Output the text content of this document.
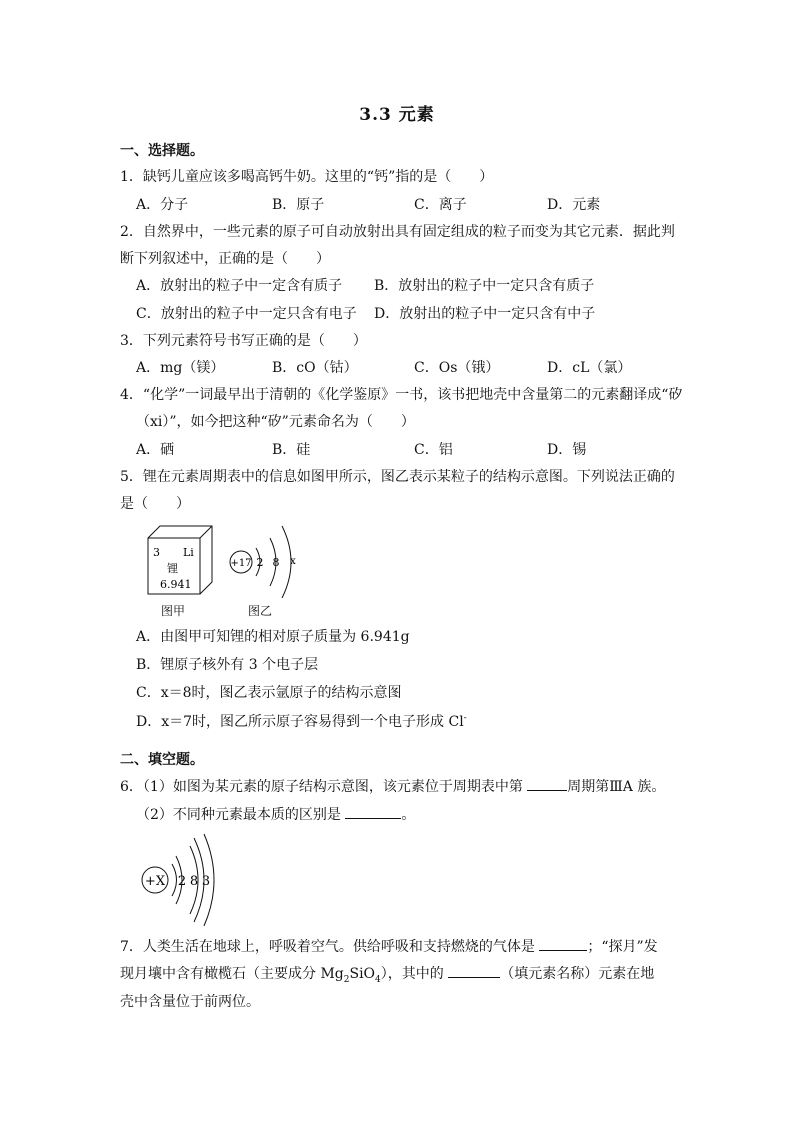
3.3 元素
一、选择题。
1．缺钙儿童应该多喝高钙牛奶。这里的“钙”指的是（　　）
A．分子	B．原子	C．离子	D．元素
2．自然界中，一些元素的原子可自动放射出具有固定组成的粒子而变为其它元素．据此判
断下列叙述中，正确的是（　　）
A．放射出的粒子中一定含有质子 B．放射出的粒子中一定只含有质子
C．放射出的粒子中一定只含有电子 D．放射出的粒子中一定只含有中子
3．下列元素符号书写正确的是（　　）
A．mg（镁）	B．cO（钴）	C．Os（锇）	D．cL（氯）
4．“化学”一词最早出于清朝的《化学鉴原》一书，该书把地壳中含量第二的元素翻译成“矽
（xi）”，如今把这种“矽”元素命名为（　　）
A．硒	B．硅	C．铝	D．锡
5．锂在元素周期表中的信息如图甲所示，图乙表示某粒子的结构示意图。下列说法正确的
是（　　）
3 Li
锂
6.941
图甲
+17 2 8 x
图乙
A．由图甲可知锂的相对原子质量为 6.941g
B．锂原子核外有 3 个电子层
C．x＝8时，图乙表示氩原子的结构示意图
D．x＝7时，图乙所示原子容易得到一个电子形成 Cl-
二、填空题。
6．（1）如图为某元素的原子结构示意图，该元素位于周期表中第	周期第ⅢA 族。
（2）不同种元素最本质的区别是	。
+X 2 8 3
7．人类生活在地球上，呼吸着空气。供给呼吸和支持燃烧的气体是	；“探月”发
现月壤中含有橄榄石（主要成分 $Mg_2SiO_4$），其中的	（填元素名称）元素在地
壳中含量位于前两位。
